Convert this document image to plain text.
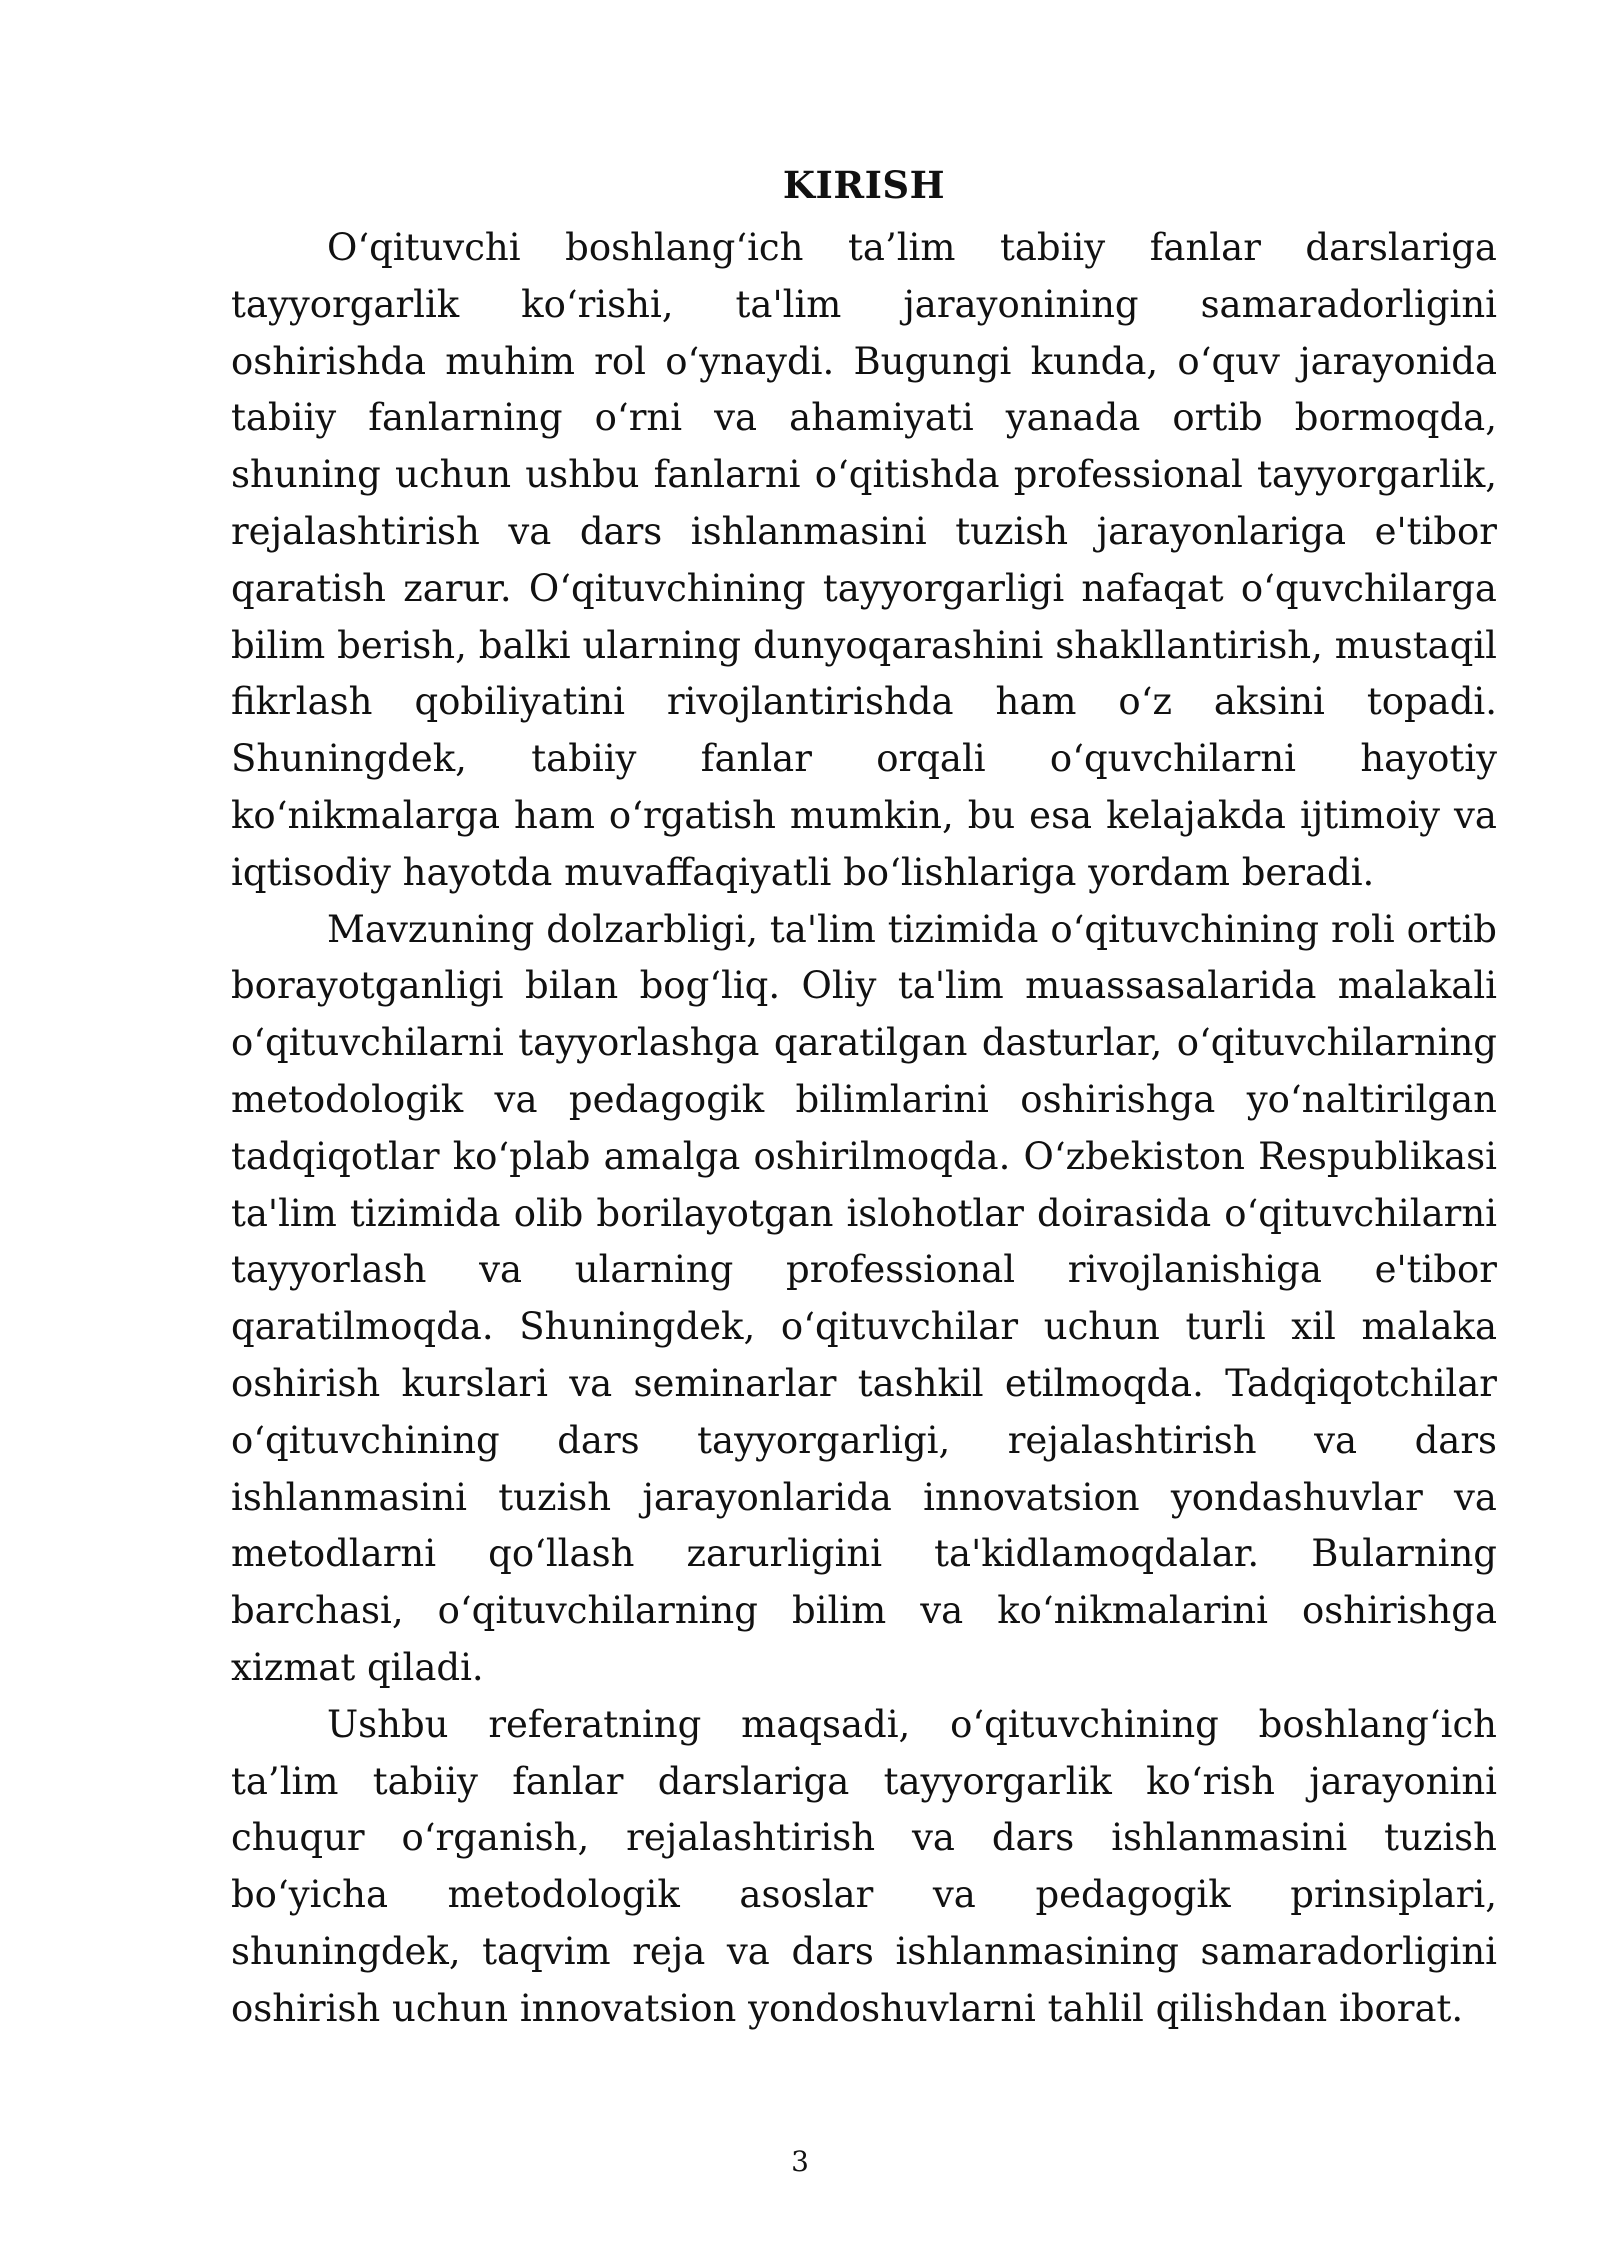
KIRISH

O‘qituvchi boshlang‘ich ta’lim tabiiy fanlar darslariga tayyorgarlik ko‘rishi, ta'lim jarayonining samaradorligini oshirishda muhim rol o‘ynaydi. Bugungi kunda, o‘quv jarayonida tabiiy fanlarning o‘rni va ahamiyati yanada ortib bormoqda, shuning uchun ushbu fanlarni o‘qitishda professional tayyorgarlik, rejalashtirish va dars ishlanmasini tuzish jarayonlariga e'tibor qaratish zarur. O‘qituvchining tayyorgarligi nafaqat o‘quvchilarga bilim berish, balki ularning dunyoqarashini shakllantirish, mustaqil fikrlash qobiliyatini rivojlantirishda ham o‘z aksini topadi. Shuningdek, tabiiy fanlar orqali o‘quvchilarni hayotiy ko‘nikmalarga ham o‘rgatish mumkin, bu esa kelajakda ijtimoiy va iqtisodiy hayotda muvaffaqiyatli bo‘lishlariga yordam beradi.

Mavzuning dolzarbligi, ta'lim tizimida o‘qituvchining roli ortib borayotganligi bilan bog‘liq. Oliy ta'lim muassasalarida malakali o‘qituvchilarni tayyorlashga qaratilgan dasturlar, o‘qituvchilarning metodologik va pedagogik bilimlarini oshirishga yo‘naltirilgan tadqiqotlar ko‘plab amalga oshirilmoqda. O‘zbekiston Respublikasi ta'lim tizimida olib borilayotgan islohotlar doirasida o‘qituvchilarni tayyorlash va ularning professional rivojlanishiga e'tibor qaratilmoqda. Shuningdek, o‘qituvchilar uchun turli xil malaka oshirish kurslari va seminarlar tashkil etilmoqda. Tadqiqotchilar o‘qituvchining dars tayyorgarligi, rejalashtirish va dars ishlanmasini tuzish jarayonlarida innovatsion yondashuvlar va metodlarni qo‘llash zarurligini ta'kidlamoqdalar. Bularning barchasi, o‘qituvchilarning bilim va ko‘nikmalarini oshirishga xizmat qiladi.

Ushbu referatning maqsadi, o‘qituvchining boshlang‘ich ta’lim tabiiy fanlar darslariga tayyorgarlik ko‘rish jarayonini chuqur o‘rganish, rejalashtirish va dars ishlanmasini tuzish bo‘yicha metodologik asoslar va pedagogik prinsiplari, shuningdek, taqvim reja va dars ishlanmasining samaradorligini oshirish uchun innovatsion yondoshuvlarni tahlil qilishdan iborat.

3
